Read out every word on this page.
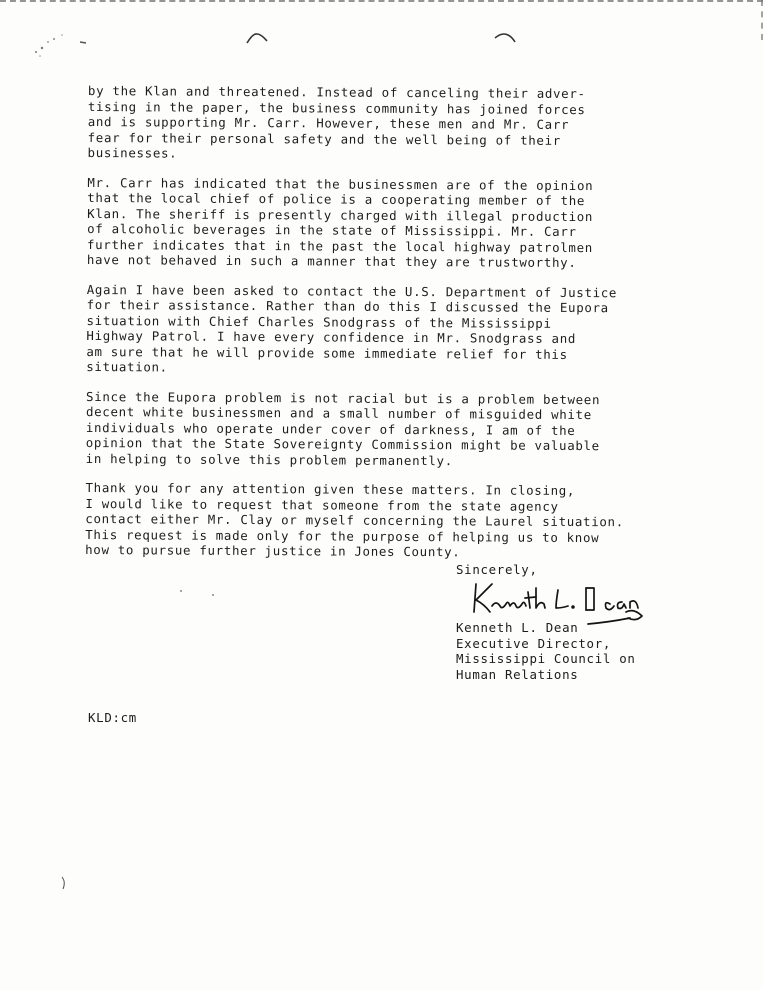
by the Klan and threatened. Instead of canceling their adver-
tising in the paper, the business community has joined forces
and is supporting Mr. Carr. However, these men and Mr. Carr
fear for their personal safety and the well being of their
businesses.
Mr. Carr has indicated that the businessmen are of the opinion
that the local chief of police is a cooperating member of the
Klan. The sheriff is presently charged with illegal production
of alcoholic beverages in the state of Mississippi. Mr. Carr
further indicates that in the past the local highway patrolmen
have not behaved in such a manner that they are trustworthy.
Again I have been asked to contact the U.S. Department of Justice
for their assistance. Rather than do this I discussed the Eupora
situation with Chief Charles Snodgrass of the Mississippi
Highway Patrol. I have every confidence in Mr. Snodgrass and
am sure that he will provide some immediate relief for this
situation.
Since the Eupora problem is not racial but is a problem between
decent white businessmen and a small number of misguided white
individuals who operate under cover of darkness, I am of the
opinion that the State Sovereignty Commission might be valuable
in helping to solve this problem permanently.
Thank you for any attention given these matters. In closing,
I would like to request that someone from the state agency
contact either Mr. Clay or myself concerning the Laurel situation.
This request is made only for the purpose of helping us to know
how to pursue further justice in Jones County.
Sincerely,
Kenneth L. Dean
Executive Director,
Mississippi Council on
Human Relations
KLD:cm
